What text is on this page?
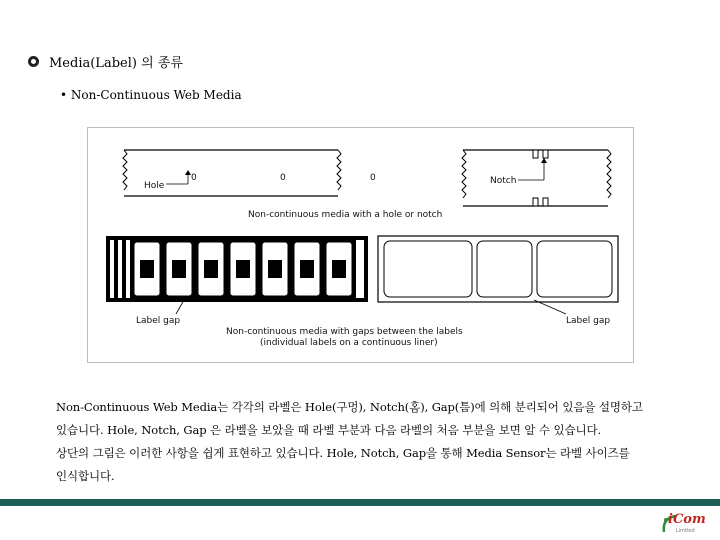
Media(Label) 의 종류
• Non-Continuous Web Media
Hole
0	0	0	Notch
Non-continuous media with a hole or notch
Label gap	Label gap
Non-continuous media with gaps between the labels
(individual labels on a continuous liner)

Non-Continuous Web Media는 각각의 라벨은 Hole(구멍), Notch(홈), Gap(틈)에 의해 분리되어 있음을 설명하고

있습니다. Hole, Notch, Gap 은 라벨을 보았을 때 라벨 부분과 다음 라벨의 처음 부분을 보면 알 수 있습니다.

상단의 그림은 이러한 사항을 쉽게 표현하고 있습니다. Hole, Notch, Gap을 통해 Media Sensor는 라벨 사이즈를

인식합니다.

iCom
Limited
